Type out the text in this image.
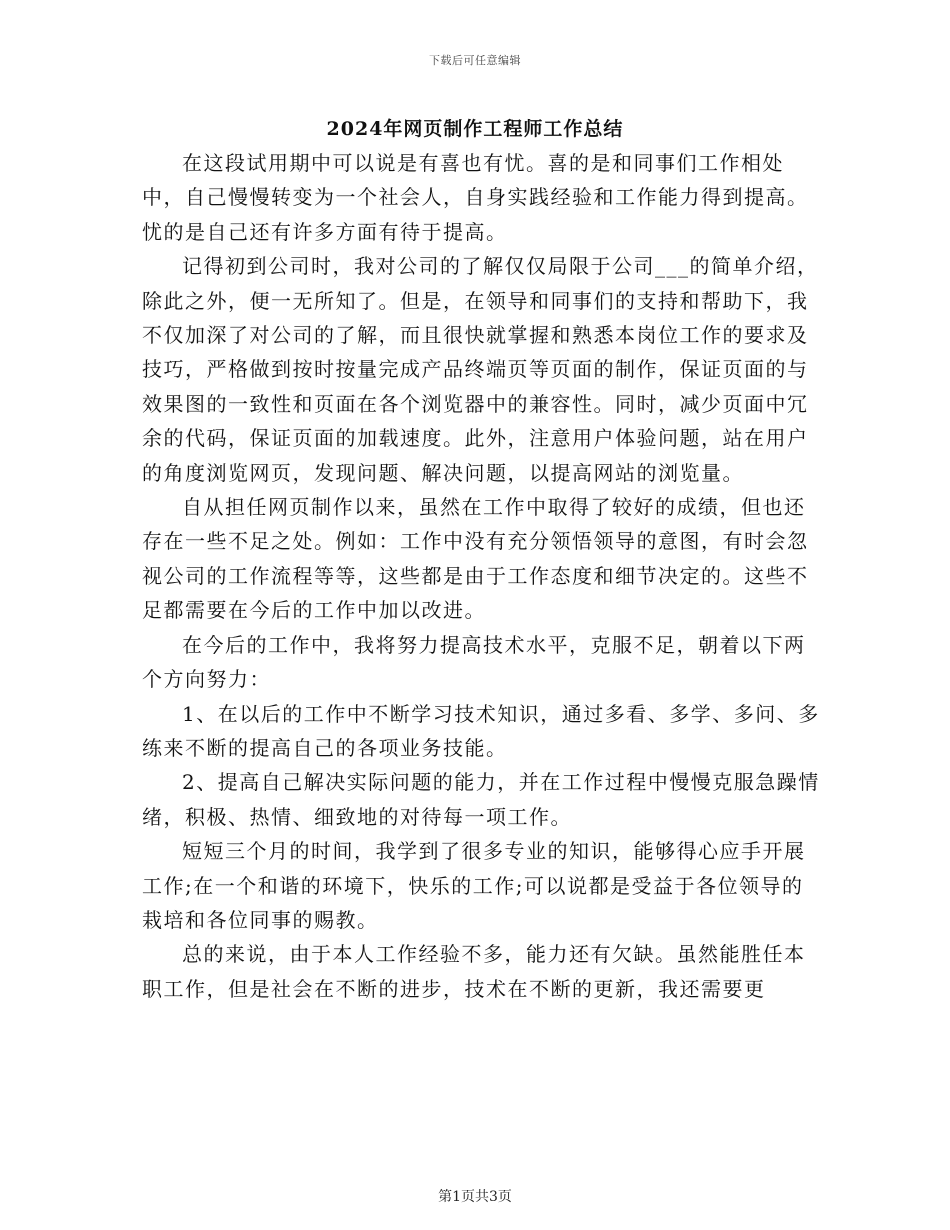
下载后可任意编辑
2024年网页制作工程师工作总结

在这段试用期中可以说是有喜也有忧。喜的是和同事们工作相处中，自己慢慢转变为一个社会人，自身实践经验和工作能力得到提高。忧的是自己还有许多方面有待于提高。

记得初到公司时，我对公司的了解仅仅局限于公司___的简单介绍，除此之外，便一无所知了。但是，在领导和同事们的支持和帮助下，我不仅加深了对公司的了解，而且很快就掌握和熟悉本岗位工作的要求及技巧，严格做到按时按量完成产品终端页等页面的制作，保证页面的与效果图的一致性和页面在各个浏览器中的兼容性。同时，减少页面中冗余的代码，保证页面的加载速度。此外，注意用户体验问题，站在用户的角度浏览网页，发现问题、解决问题，以提高网站的浏览量。

自从担任网页制作以来，虽然在工作中取得了较好的成绩，但也还存在一些不足之处。例如：工作中没有充分领悟领导的意图，有时会忽视公司的工作流程等等，这些都是由于工作态度和细节决定的。这些不足都需要在今后的工作中加以改进。

在今后的工作中，我将努力提高技术水平，克服不足，朝着以下两个方向努力：

1、在以后的工作中不断学习技术知识，通过多看、多学、多问、多练来不断的提高自己的各项业务技能。

2、提高自己解决实际问题的能力，并在工作过程中慢慢克服急躁情绪，积极、热情、细致地的对待每一项工作。

短短三个月的时间，我学到了很多专业的知识，能够得心应手开展工作;在一个和谐的环境下，快乐的工作;可以说都是受益于各位领导的栽培和各位同事的赐教。

总的来说，由于本人工作经验不多，能力还有欠缺。虽然能胜任本职工作，但是社会在不断的进步，技术在不断的更新，我还需要更

第1页共3页
